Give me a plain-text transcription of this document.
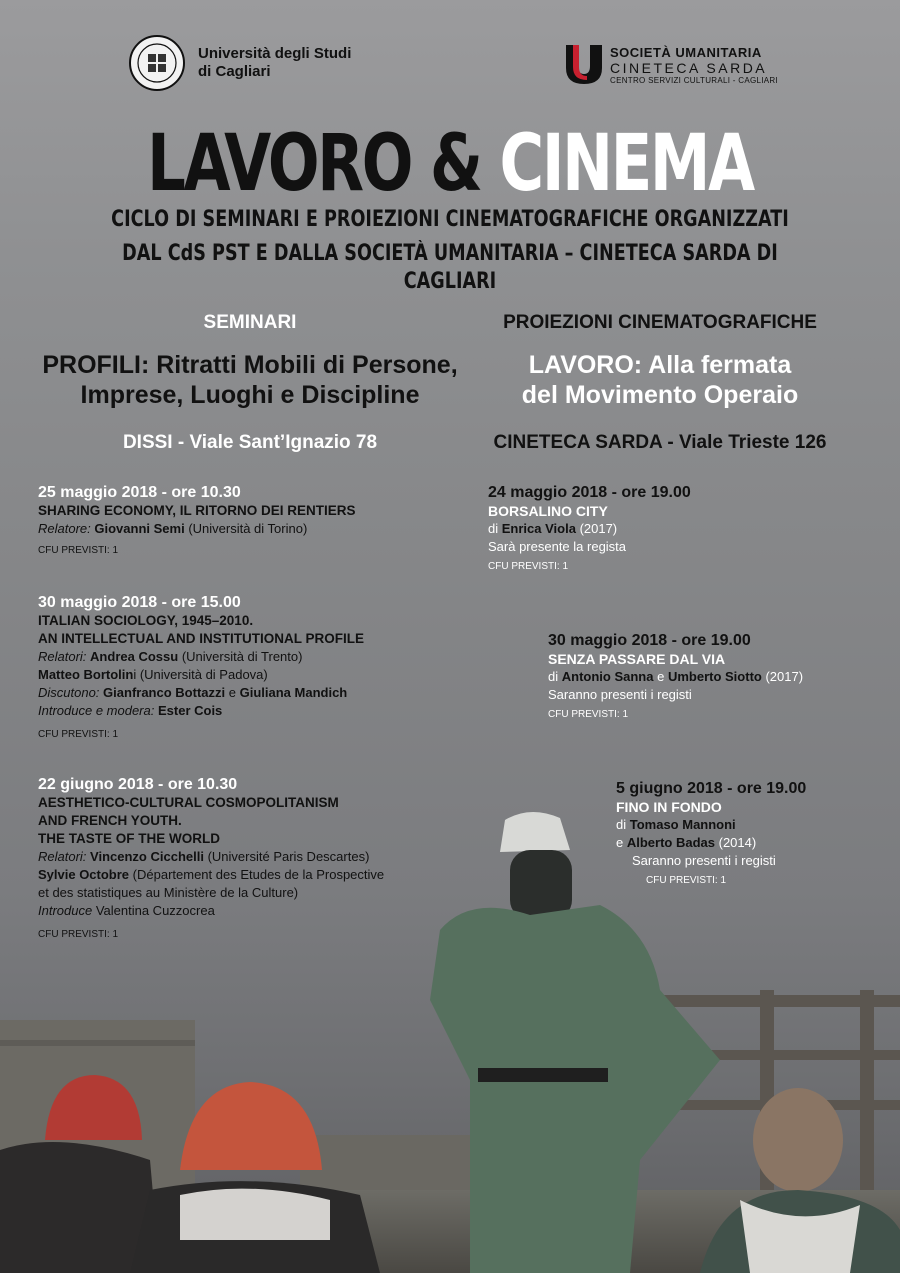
Università degli Studi
di Cagliari
SOCIETÀ UMANITARIA
CINETECA SARDA
CENTRO SERVIZI CULTURALI - CAGLIARI
LAVORO & CINEMA
CICLO DI SEMINARI E PROIEZIONI CINEMATOGRAFICHE ORGANIZZATI
DAL CdS PST E DALLA SOCIETÀ UMANITARIA – CINETECA SARDA DI CAGLIARI
SEMINARI
PROFILI: Ritratti Mobili di Persone,
Imprese, Luoghi e Discipline
DISSI - Viale Sant’Ignazio 78
25 maggio 2018 - ore 10.30
SHARING ECONOMY, IL RITORNO DEI RENTIERS
Relatore: Giovanni Semi (Università di Torino)
CFU PREVISTI: 1
30 maggio 2018 - ore 15.00
ITALIAN SOCIOLOGY, 1945–2010.
AN INTELLECTUAL AND INSTITUTIONAL PROFILE
Relatori: Andrea Cossu (Università di Trento)
Matteo Bortolini (Università di Padova)
Discutono: Gianfranco Bottazzi e Giuliana Mandich
Introduce e modera: Ester Cois
CFU PREVISTI: 1
22 giugno 2018 - ore 10.30
AESTHETICO-CULTURAL COSMOPOLITANISM
AND FRENCH YOUTH.
THE TASTE OF THE WORLD
Relatori: Vincenzo Cicchelli (Université Paris Descartes)
Sylvie Octobre (Département des Etudes de la Prospective
et des statistiques au Ministère de la Culture)
Introduce Valentina Cuzzocrea
CFU PREVISTI: 1
PROIEZIONI CINEMATOGRAFICHE
LAVORO: Alla fermata
del Movimento Operaio
CINETECA SARDA - Viale Trieste 126
24 maggio 2018 - ore 19.00
BORSALINO CITY
di Enrica Viola (2017)
Sarà presente la regista
CFU PREVISTI: 1
30 maggio 2018 - ore 19.00
SENZA PASSARE DAL VIA
di Antonio Sanna e Umberto Siotto (2017)
Saranno presenti i registi
CFU PREVISTI: 1
5 giugno 2018 - ore 19.00
FINO IN FONDO
di Tomaso Mannoni
e Alberto Badas (2014)
Saranno presenti i registi
CFU PREVISTI: 1
